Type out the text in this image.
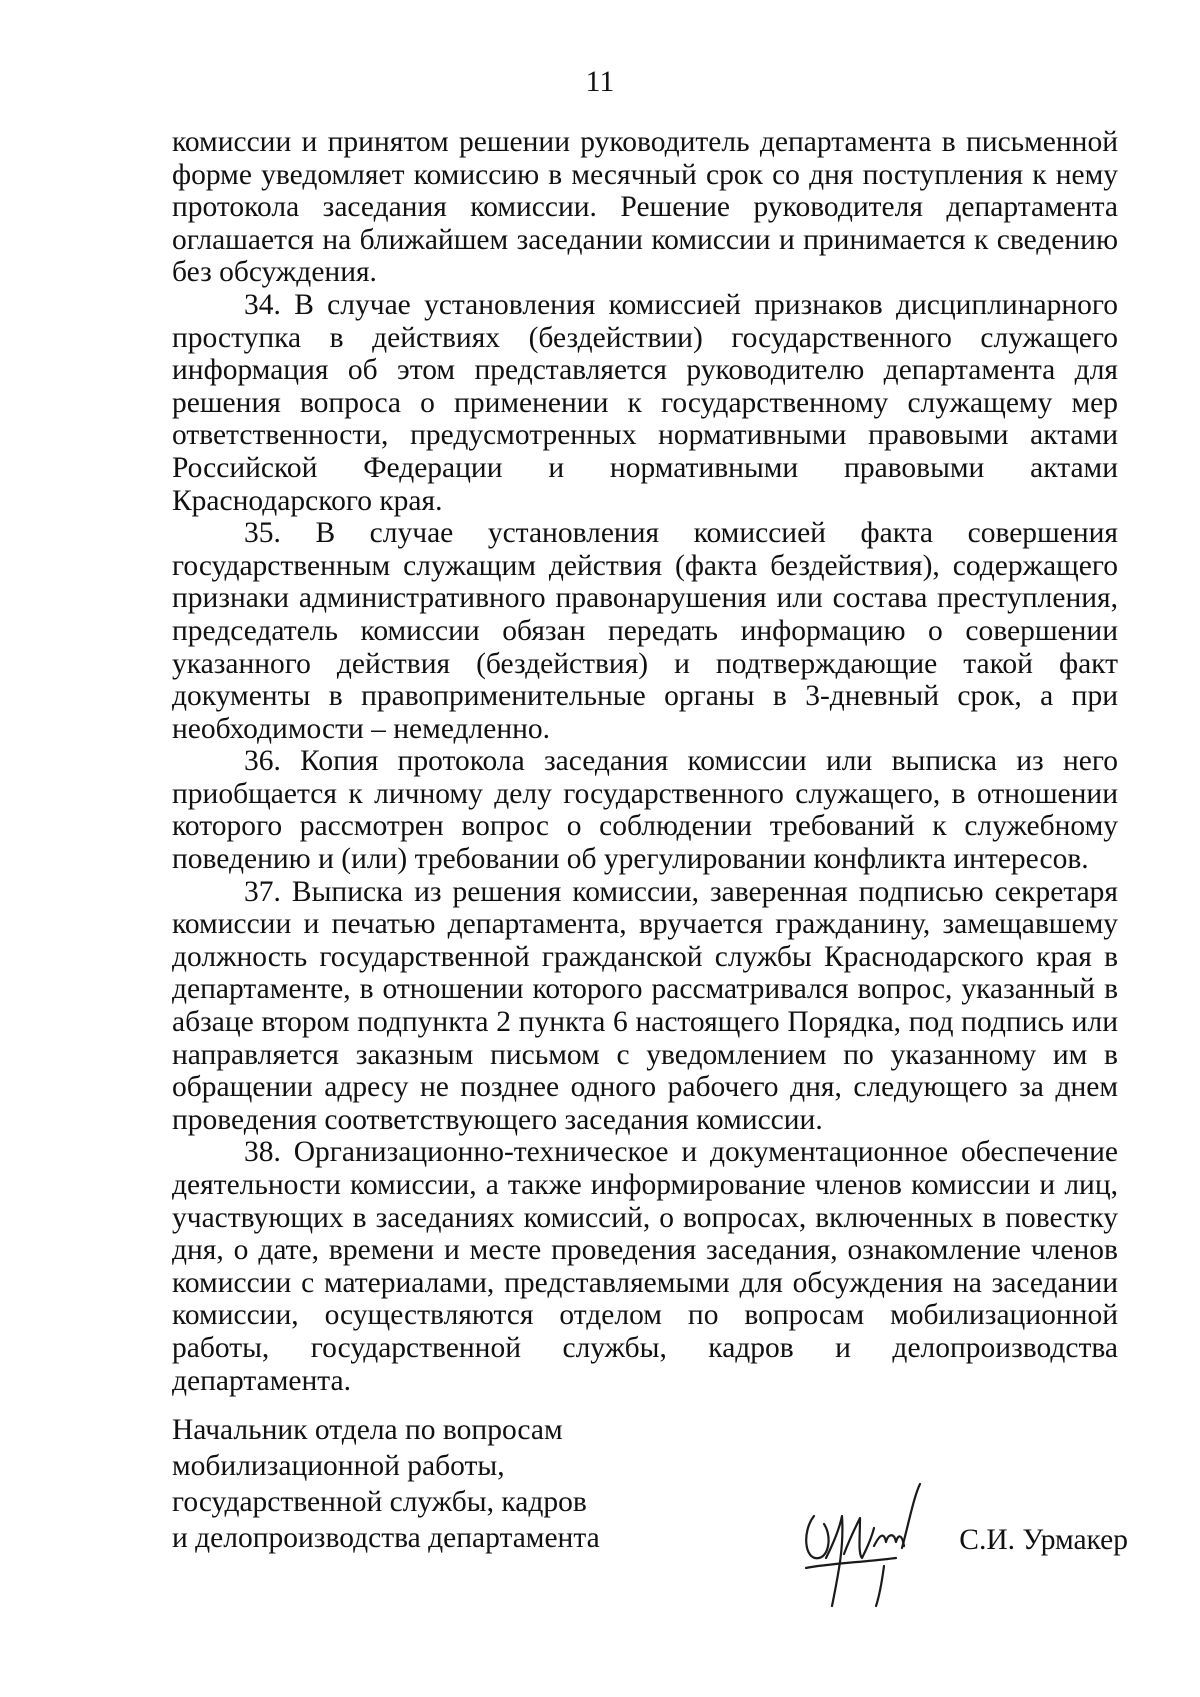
11

комиссии и принятом решении руководитель департамента в письменной форме уведомляет комиссию в месячный срок со дня поступления к нему протокола заседания комиссии. Решение руководителя департамента оглашается на ближайшем заседании комиссии и принимается к сведению без обсуждения.

34. В случае установления комиссией признаков дисциплинарного проступка в действиях (бездействии) государственного служащего информация об этом представляется руководителю департамента для решения вопроса о применении к государственному служащему мер ответственности, предусмотренных нормативными правовыми актами Российской Федерации и нормативными правовыми актами Краснодарского края.

35. В случае установления комиссией факта совершения государственным служащим действия (факта бездействия), содержащего признаки административного правонарушения или состава преступления, председатель комиссии обязан передать информацию о совершении указанного действия (бездействия) и подтверждающие такой факт документы в правоприменительные органы в 3-дневный срок, а при необходимости – немедленно.

36. Копия протокола заседания комиссии или выписка из него приобщается к личному делу государственного служащего, в отношении которого рассмотрен вопрос о соблюдении требований к служебному поведению и (или) требовании об урегулировании конфликта интересов.

37. Выписка из решения комиссии, заверенная подписью секретаря комиссии и печатью департамента, вручается гражданину, замещавшему должность государственной гражданской службы Краснодарского края в департаменте, в отношении которого рассматривался вопрос, указанный в абзаце втором подпункта 2 пункта 6 настоящего Порядка, под подпись или направляется заказным письмом с уведомлением по указанному им в обращении адресу не позднее одного рабочего дня, следующего за днем проведения соответствующего заседания комиссии.

38. Организационно-техническое и документационное обеспечение деятельности комиссии, а также информирование членов комиссии и лиц, участвующих в заседаниях комиссий, о вопросах, включенных в повестку дня, о дате, времени и месте проведения заседания, ознакомление членов комиссии с материалами, представляемыми для обсуждения на заседании комиссии, осуществляются отделом по вопросам мобилизационной работы, государственной службы, кадров и делопроизводства департамента.

Начальник отдела по вопросам
мобилизационной работы,
государственной службы, кадров
и делопроизводства департамента	С.И. Урмакер
